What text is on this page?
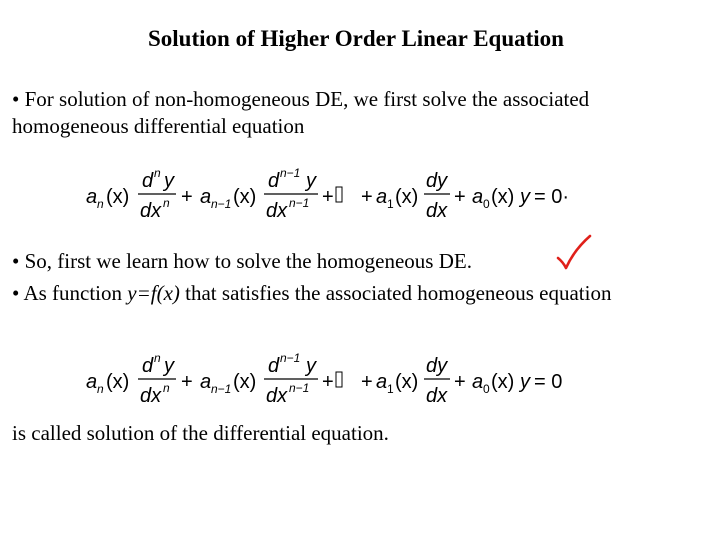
Solution of Higher Order Linear Equation
• For solution of non-homogeneous DE, we first solve the associated homogeneous differential equation
a n (x)
d n y
dx n + a n−1 (x)
d n−1 y
dx n−1 + + a 1 (x)
dy
dx
+ a 0 (x) y = 0·
• So, first we learn how to solve the homogeneous DE.
• As function y=f(x) that satisfies the associated homogeneous equation
a n (x)
d n y
dx n + a n−1 (x)
d n−1 y
dx n−1 + + a 1 (x)
dy
dx
+ a 0 (x) y = 0
is called solution of the differential equation.
